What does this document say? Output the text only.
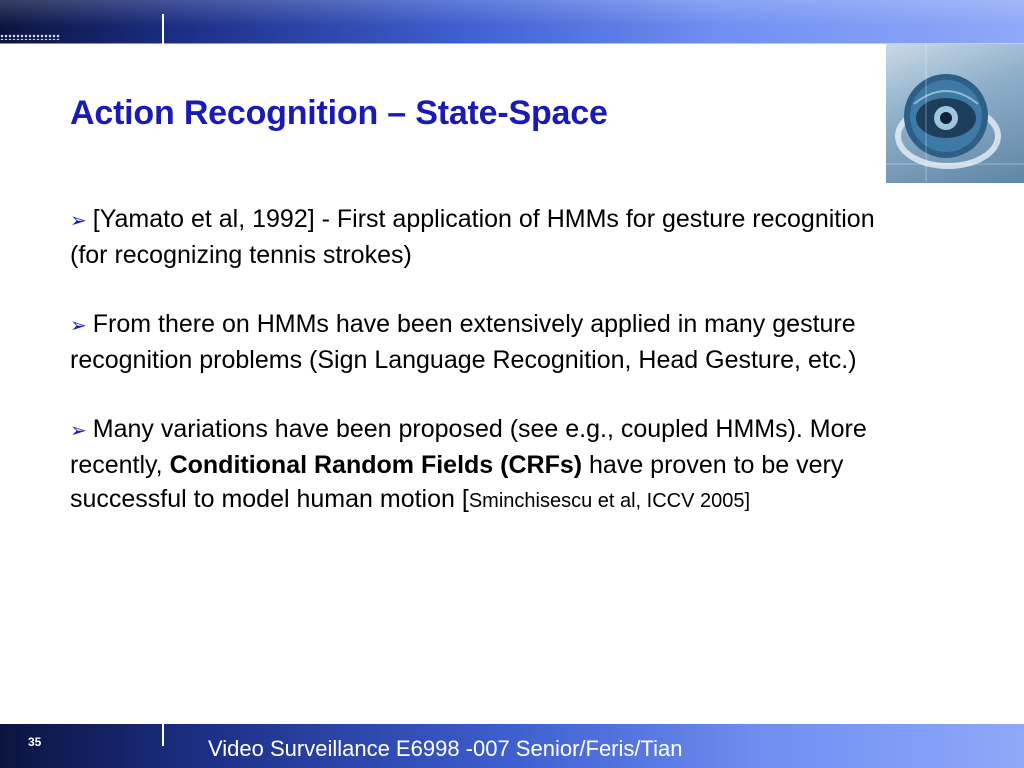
Action Recognition – State-Space

➢ [Yamato et al, 1992] - First application of HMMs for gesture recognition (for recognizing tennis strokes)

➢ From there on HMMs have been extensively applied in many gesture recognition problems (Sign Language Recognition, Head Gesture, etc.)

➢ Many variations have been proposed (see e.g., coupled HMMs). More recently, Conditional Random Fields (CRFs) have proven to be very successful to model human motion [Sminchisescu et al, ICCV 2005]

35	Video Surveillance E6998 -007 Senior/Feris/Tian
